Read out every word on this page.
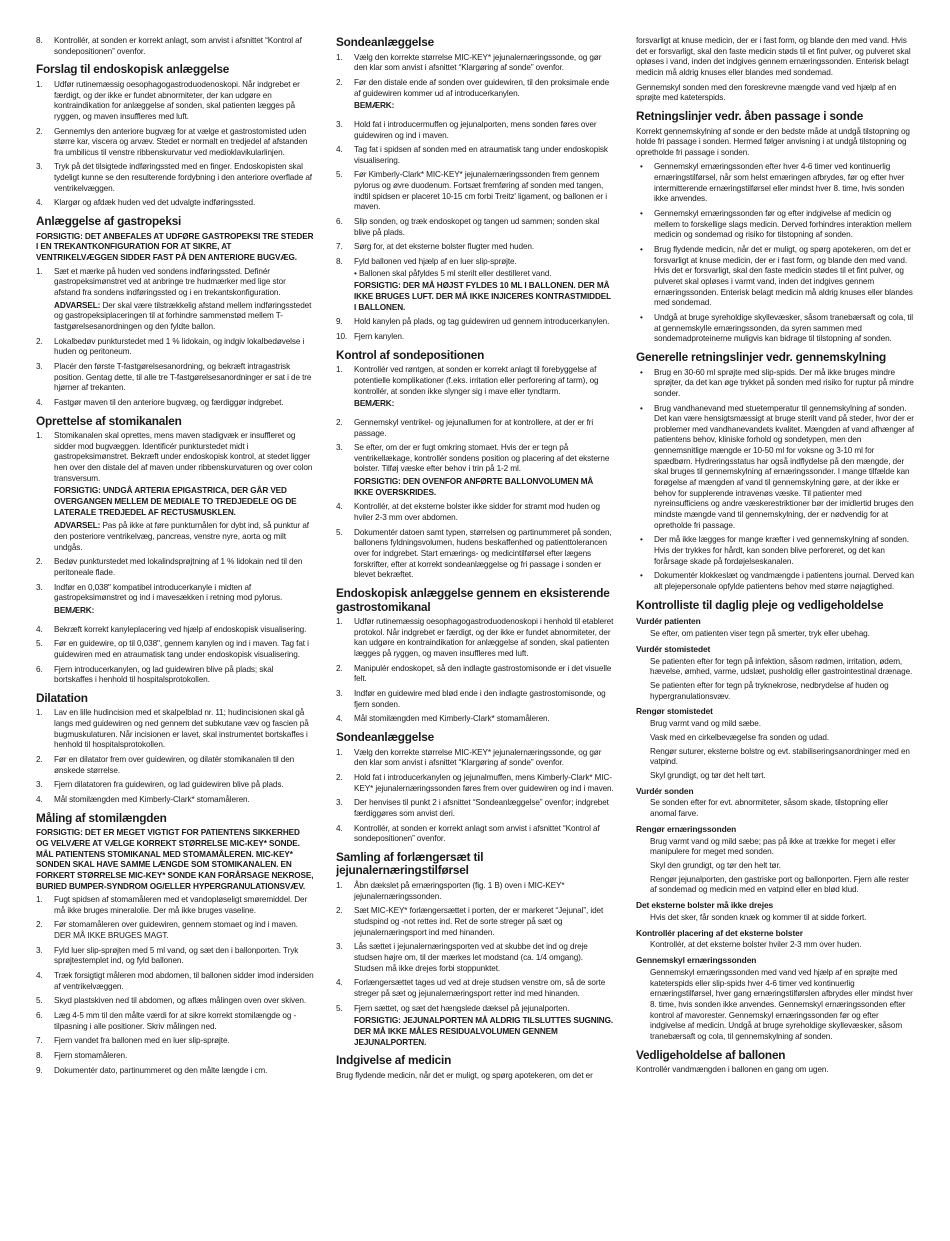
8.	Kontrollér, at sonden er korrekt anlagt, som anvist i afsnittet “Kontrol af sondepositionen” ovenfor.
Forslag til endoskopisk anlæggelse
1.	Udfør rutinemæssig oesophagogastroduodenoskopi. Når indgrebet er færdigt, og der ikke er fundet abnormiteter, der kan udgøre en kontraindikation for anlæggelse af sonden, skal patienten lægges på ryggen, og maven insuffleres med luft.
2.	Gennemlys den anteriore bugvæg for at vælge et gastrostomisted uden større kar, viscera og arvæv. Stedet er normalt en tredjedel af afstanden fra umbilicus til venstre ribbenskurvatur ved medioklavikularlinjen.
3.	Tryk på det tilsigtede indføringssted med en finger. Endoskopisten skal tydeligt kunne se den resulterende fordybning i den anteriore overflade af ventrikelvæggen.
4.	Klargør og afdæk huden ved det udvalgte indføringssted.
Anlæggelse af gastropeksi
FORSIGTIG: DET ANBEFALES AT UDFØRE GASTROPEKSI TRE STEDER I EN TREKANTKONFIGURATION FOR AT SIKRE, AT VENTRIKELVÆGGEN SIDDER FAST PÅ DEN ANTERIORE BUGVÆG.
1.	Sæt et mærke på huden ved sondens indføringssted. Definér gastropeksimønstret ved at anbringe tre hudmærker med lige stor afstand fra sondens indføringssted og i en trekantskonfiguration.
ADVARSEL: Der skal være tilstrækkelig afstand mellem indføringsstedet og gastropeksiplaceringen til at forhindre sammenstød mellem T-fastgørelsesanordningen og den fyldte ballon.
2.	Lokalbedøv punkturstedet med 1 % lidokain, og indgiv lokalbedøvelse i huden og peritoneum.
3.	Placér den første T-fastgørelsesanordning, og bekræft intragastrisk position. Gentag dette, til alle tre T-fastgørelsesanordninger er sat i de tre hjørner af trekanten.
4.	Fastgør maven til den anteriore bugvæg, og færdiggør indgrebet.
Oprettelse af stomikanalen
1.	Stomikanalen skal oprettes, mens maven stadigvæk er insuffleret og sidder mod bugvæggen. Identificér punkturstedet midt i gastropeksimønstret. Bekræft under endoskopisk kontrol, at stedet ligger hen over den distale del af maven under ribbenskurvaturen og over colon transversum.
FORSIGTIG: UNDGÅ ARTERIA EPIGASTRICA, DER GÅR VED OVERGANGEN MELLEM DE MEDIALE TO TREDJEDELE OG DE LATERALE TREDJEDEL AF RECTUSMUSKLEN.
ADVARSEL: Pas på ikke at føre punkturnålen for dybt ind, så punktur af den posteriore ventrikelvæg, pancreas, venstre nyre, aorta og milt undgås.
2.	Bedøv punkturstedet med lokalindsprøjtning af 1 % lidokain ned til den peritoneale flade.
3.	Indfør en 0,038" kompatibel introducerkanyle i midten af gastropeksimønstret og ind i mavesækken i retning mod pylorus.
BEMÆRK:
4.	Bekræft korrekt kanyleplacering ved hjælp af endoskopisk visualisering.
5.	Før en guidewire, op til 0,038", gennem kanylen og ind i maven. Tag fat i guidewiren med en atraumatisk tang under endoskopisk visualisering.
6.	Fjern introducerkanylen, og lad guidewiren blive på plads; skal bortskaffes i henhold til hospitalsprotokollen.
Dilatation
1.	Lav en lille hudincision med et skalpelblad nr. 11; hudincisionen skal gå langs med guidewiren og ned gennem det subkutane væv og fascien på bugmuskulaturen. Når incisionen er lavet, skal instrumentet bortskaffes i henhold til hospitalsprotokollen.
2.	Før en dilatator frem over guidewiren, og dilatér stomikanalen til den ønskede størrelse.
3.	Fjern dilatatoren fra guidewiren, og lad guidewiren blive på plads.
4.	Mål stomilængden med Kimberly-Clark* stomamåleren.
Måling af stomilængden
FORSIGTIG: DET ER MEGET VIGTIGT FOR PATIENTENS SIKKERHED OG VELVÆRE AT VÆLGE KORREKT STØRRELSE MIC-KEY* SONDE. MÅL PATIENTENS STOMIKANAL MED STOMAMÅLEREN. MIC-KEY* SONDEN SKAL HAVE SAMME LÆNGDE SOM STOMIKANALEN. EN FORKERT STØRRELSE MIC-KEY* SONDE KAN FORÅRSAGE NEKROSE, BURIED BUMPER-SYNDROM OG/ELLER HYPERGRANULATIONSVÆV.
1.	Fugt spidsen af stomamåleren med et vandopløseligt smøremiddel. Der må ikke bruges mineralolie. Der må ikke bruges vaseline.
2.	Før stomamåleren over guidewiren, gennem stomaet og ind i maven. DER MÅ IKKE BRUGES MAGT.
3.	Fyld luer slip-sprøjten med 5 ml vand, og sæt den i ballonporten. Tryk sprøjtestemplet ind, og fyld ballonen.
4.	Træk forsigtigt måleren mod abdomen, til ballonen sidder imod indersiden af ventrikelvæggen.
5.	Skyd plastskiven ned til abdomen, og aflæs målingen oven over skiven.
6.	Læg 4-5 mm til den målte værdi for at sikre korrekt stomilængde og -tilpasning i alle positioner. Skriv målingen ned.
7.	Fjern vandet fra ballonen med en luer slip-sprøjte.
8.	Fjern stomamåleren.
9.	Dokumentér dato, partinummeret og den målte længde i cm.
Sondeanlæggelse
1.	Vælg den korrekte størrelse MIC-KEY* jejunalernæringssonde, og gør den klar som anvist i afsnittet “Klargøring af sonde” ovenfor.
2.	Før den distale ende af sonden over guidewiren, til den proksimale ende af guidewiren kommer ud af introducerkanylen.
BEMÆRK:
3.	Hold fat i introducermuffen og jejunalporten, mens sonden føres over guidewiren og ind i maven.
4.	Tag fat i spidsen af sonden med en atraumatisk tang under endoskopisk visualisering.
5.	Før Kimberly-Clark* MIC-KEY* jejunalernæringssonden frem gennem pylorus og øvre duodenum. Fortsæt fremføring af sonden med tangen, indtil spidsen er placeret 10-15 cm forbi Treitz' ligament, og ballonen er i maven.
6.	Slip sonden, og træk endoskopet og tangen ud sammen; sonden skal blive på plads.
7.	Sørg for, at det eksterne bolster flugter med huden.
8.	Fyld ballonen ved hjælp af en luer slip-sprøjte.
• Ballonen skal påfyldes 5 ml sterilt eller destilleret vand.
FORSIGTIG: DER MÅ HØJST FYLDES 10 ML I BALLONEN. DER MÅ IKKE BRUGES LUFT. DER MÅ IKKE INJICERES KONTRASTMIDDEL I BALLONEN.
9.	Hold kanylen på plads, og tag guidewiren ud gennem introducerkanylen.
10. Fjern kanylen.
Kontrol af sondepositionen
1.	Kontrollér ved røntgen, at sonden er korrekt anlagt til forebyggelse af potentielle komplikationer (f.eks. irritation eller perforering af tarm), og kontrollér, at sonden ikke slynger sig i mave eller tyndtarm.
BEMÆRK:
2.	Gennemskyl ventrikel- og jejunallumen for at kontrollere, at der er fri passage.
3.	Se efter, om der er fugt omkring stomaet. Hvis der er tegn på ventrikellækage, kontrollér sondens position og placering af det eksterne bolster. Tilføj væske efter behov i trin på 1-2 ml.
FORSIGTIG: DEN OVENFOR ANFØRTE BALLONVOLUMEN MÅ IKKE OVERSKRIDES.
4.	Kontrollér, at det eksterne bolster ikke sidder for stramt mod huden og hviler 2-3 mm over abdomen.
5.	Dokumentér datoen samt typen, størrelsen og partinummeret på sonden, ballonens fyldningsvolumen, hudens beskaffenhed og patienttolerancen over for indgrebet. Start ernærings- og medicintilførsel efter lægens forskrifter, efter at korrekt sondeanlæggelse og fri passage i sonden er blevet bekræftet.
Endoskopisk anlæggelse gennem en eksisterende gastrostomikanal
1.	Udfør rutinemæssig oesophagogastroduodenoskopi i henhold til etableret protokol. Når indgrebet er færdigt, og der ikke er fundet abnormiteter, der kan udgøre en kontraindikation for anlæggelse af sonden, skal patienten lægges på ryggen, og maven insuffleres med luft.
2.	Manipulér endoskopet, så den indlagte gastrostomisonde er i det visuelle felt.
3.	Indfør en guidewire med blød ende i den indlagte gastrostomisonde, og fjern sonden.
4.	Mål stomilængden med Kimberly-Clark* stomamåleren.
Sondeanlæggelse
1.	Vælg den korrekte størrelse MIC-KEY* jejunalernæringssonde, og gør den klar som anvist i afsnittet “Klargøring af sonde” ovenfor.
2.	Hold fat i introducerkanylen og jejunalmuffen, mens Kimberly-Clark* MIC-KEY* jejunalernæringssonden føres frem over guidewiren og ind i maven.
3.	Der henvises til punkt 2 i afsnittet “Sondeanlæggelse” ovenfor; indgrebet færdiggøres som anvist deri.
4.	Kontrollér, at sonden er korrekt anlagt som anvist i afsnittet “Kontrol af sondepositionen” ovenfor.
Samling af forlængersæt til jejunalernæringstilførsel
1.	Åbn dækslet på ernæringsporten (fig. 1 B) oven i MIC-KEY* jejunalernæringssonden.
2.	Sæt MIC-KEY* forlængersættet i porten, der er markeret “Jejunal”, idet studspind og -not rettes ind. Ret de sorte streger på sæt og jejunalernæringsport ind med hinanden.
3.	Lås sættet i jejunalernæringsporten ved at skubbe det ind og dreje studsen højre om, til der mærkes let modstand (ca. 1/4 omgang). Studsen må ikke drejes forbi stoppunktet.
4.	Forlængersættet tages ud ved at dreje studsen venstre om, så de sorte streger på sæt og jejunalernæringsport retter ind med hinanden.
5.	Fjern sættet, og sæt det hængslede dæksel på jejunalporten.
FORSIGTIG: JEJUNALPORTEN MÅ ALDRIG TILSLUTTES SUGNING. DER MÅ IKKE MÅLES RESIDUALVOLUMEN GENNEM JEJUNALPORTEN.
Indgivelse af medicin

Brug flydende medicin, når det er muligt, og spørg apotekeren, om det er

forsvarligt at knuse medicin, der er i fast form, og blande den med vand. Hvis det er forsvarligt, skal den faste medicin støds til et fint pulver, og pulveret skal opløses i vand, inden det indgives gennem ernæringssonden. Enterisk belagt medicin må aldrig knuses eller blandes med sondemad.

Gennemskyl sonden med den foreskrevne mængde vand ved hjælp af en sprøjte med kateterspids.

Retningslinjer vedr. åben passage i sonde

Korrekt gennemskylning af sonde er den bedste måde at undgå tilstopning og holde fri passage i sonden. Hermed følger anvisning i at undgå tilstopning og opretholde fri passage i sonden.

• Gennemskyl ernæringssonden efter hver 4-6 timer ved kontinuerlig ernæringstilførsel, når som helst ernæringen afbrydes, før og efter hver intermitterende ernæringstilførsel eller mindst hver 8. time, hvis sonden ikke anvendes.
• Gennemskyl ernæringssonden før og efter indgivelse af medicin og mellem to forskellige slags medicin. Derved forhindres interaktion mellem medicin og sondemad og risiko for tilstopning af sonden.
• Brug flydende medicin, når det er muligt, og spørg apotekeren, om det er forsvarligt at knuse medicin, der er i fast form, og blande den med vand. Hvis det er forsvarligt, skal den faste medicin stødes til et fint pulver, og pulveret skal opløses i varmt vand, inden det indgives gennem ernæringssonden. Enterisk belagt medicin må aldrig knuses eller blandes med sondemad.
• Undgå at bruge syreholdige skyllevæsker, såsom tranebærsaft og cola, til at gennemskylle ernæringssonden, da syren sammen med sondemadproteinerne muligvis kan bidrage til tilstopning af sonden.
Generelle retningslinjer vedr. gennemskylning
• Brug en 30-60 ml sprøjte med slip-spids. Der må ikke bruges mindre sprøjter, da det kan øge trykket på sonden med risiko for ruptur på mindre sonder.
• Brug vandhanevand med stuetemperatur til gennemskylning af sonden. Det kan være hensigtsmæssigt at bruge sterilt vand på steder, hvor der er problemer med vandhanevandets kvalitet. Mængden af vand afhænger af patientens behov, kliniske forhold og sondetypen, men den gennemsnitlige mængde er 10-50 ml for voksne og 3-10 ml for spædbørn. Hydreringsstatus har også indflydelse på den mængde, der skal bruges til gennemskylning af ernæringssonder. I mange tilfælde kan forøgelse af mængden af vand til gennemskylning gøre, at der ikke er behov for supplerende intravenøs væske. Til patienter med nyreinsufficiens og andre væskerestriktioner bør der imidlertid bruges den mindste mængde vand til gennemskylning, der er nødvendig for at opretholde fri passage.
• Der må ikke lægges for mange kræfter i ved gennemskylning af sonden. Hvis der trykkes for hårdt, kan sonden blive perforeret, og det kan forårsage skade på fordøjelseskanalen.
• Dokumentér klokkeslæt og vandmængde i patientens journal. Derved kan alt plejepersonale opfylde patientens behov med større nøjagtighed.
Kontrolliste til daglig pleje og vedligeholdelse
Vurdér patienten

Se efter, om patienten viser tegn på smerter, tryk eller ubehag.

Vurdér stomistedet

Se patienten efter for tegn på infektion, såsom rødmen, irritation, ødem, hævelse, ømhed, varme, udslæt, pusholdig eller gastrointestinal drænage.

Se patienten efter for tegn på tryknekrose, nedbrydelse af huden og hypergranulationsvæv.

Rengør stomistedet

Brug varmt vand og mild sæbe.

Vask med en cirkelbevægelse fra sonden og udad.

Rengør suturer, eksterne bolstre og evt. stabiliseringsanordninger med en vatpind.

Skyl grundigt, og tør det helt tørt.

Vurdér sonden

Se sonden efter for evt. abnormiteter, såsom skade, tilstopning eller anomal farve.

Rengør ernæringssonden

Brug varmt vand og mild sæbe; pas på ikke at trække for meget i eller manipulere for meget med sonden.

Skyl den grundigt, og tør den helt tør.

Rengør jejunalporten, den gastriske port og ballonporten. Fjern alle rester af sondemad og medicin med en vatpind eller en blød klud.

Det eksterne bolster må ikke drejes

Hvis det sker, får sonden knæk og kommer til at sidde forkert.

Kontrollér placering af det eksterne bolster

Kontrollér, at det eksterne bolster hviler 2-3 mm over huden.

Gennemskyl ernæringssonden

Gennemskyl ernæringssonden med vand ved hjælp af en sprøjte med kateterspids eller slip-spids hver 4-6 timer ved kontinuerlig ernæringstilførsel, hver gang ernæringstilførslen afbrydes eller mindst hver 8. time, hvis sonden ikke anvendes. Gennemskyl ernæringssonden efter kontrol af mavorester. Gennemskyl ernæringssonden før og efter indgivelse af medicin. Undgå at bruge syreholdige skyllevæsker, såsom tranebærsaft og cola, til gennemskylning af sonden.

Vedligeholdelse af ballonen

Kontrollér vandmængden i ballonen en gang om ugen.
